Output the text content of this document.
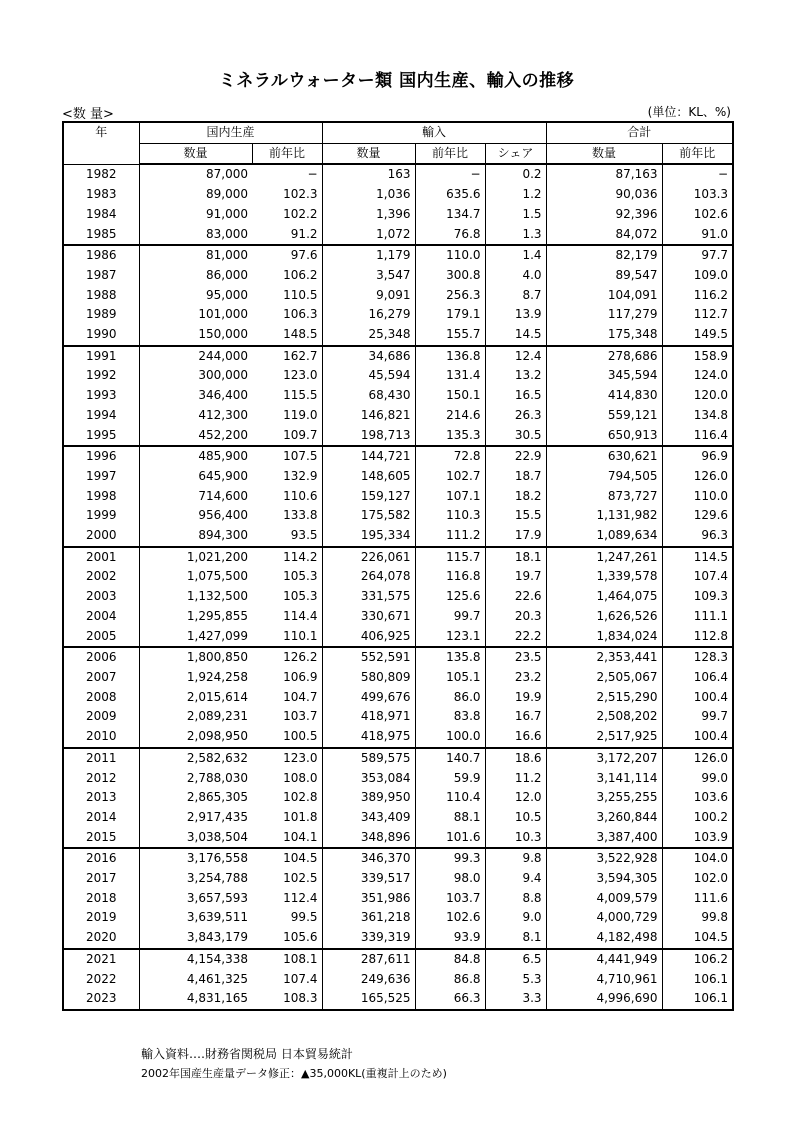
ミネラルウォーター類 国内生産、輸入の推移
<数 量>	(単位：KL、%)
年	国内生産		輸入			合計	
	数量	前年比	数量	前年比	シェア	数量	前年比
1982	87,000	−	163	−	0.2	87,163	−
1983	89,000	102.3	1,036	635.6	1.2	90,036	103.3
1984	91,000	102.2	1,396	134.7	1.5	92,396	102.6
1985	83,000	91.2	1,072	76.8	1.3	84,072	91.0
1986	81,000	97.6	1,179	110.0	1.4	82,179	97.7
1987	86,000	106.2	3,547	300.8	4.0	89,547	109.0
1988	95,000	110.5	9,091	256.3	8.7	104,091	116.2
1989	101,000	106.3	16,279	179.1	13.9	117,279	112.7
1990	150,000	148.5	25,348	155.7	14.5	175,348	149.5
1991	244,000	162.7	34,686	136.8	12.4	278,686	158.9
1992	300,000	123.0	45,594	131.4	13.2	345,594	124.0
1993	346,400	115.5	68,430	150.1	16.5	414,830	120.0
1994	412,300	119.0	146,821	214.6	26.3	559,121	134.8
1995	452,200	109.7	198,713	135.3	30.5	650,913	116.4
1996	485,900	107.5	144,721	72.8	22.9	630,621	96.9
1997	645,900	132.9	148,605	102.7	18.7	794,505	126.0
1998	714,600	110.6	159,127	107.1	18.2	873,727	110.0
1999	956,400	133.8	175,582	110.3	15.5	1,131,982	129.6
2000	894,300	93.5	195,334	111.2	17.9	1,089,634	96.3
2001	1,021,200	114.2	226,061	115.7	18.1	1,247,261	114.5
2002	1,075,500	105.3	264,078	116.8	19.7	1,339,578	107.4
2003	1,132,500	105.3	331,575	125.6	22.6	1,464,075	109.3
2004	1,295,855	114.4	330,671	99.7	20.3	1,626,526	111.1
2005	1,427,099	110.1	406,925	123.1	22.2	1,834,024	112.8
2006	1,800,850	126.2	552,591	135.8	23.5	2,353,441	128.3
2007	1,924,258	106.9	580,809	105.1	23.2	2,505,067	106.4
2008	2,015,614	104.7	499,676	86.0	19.9	2,515,290	100.4
2009	2,089,231	103.7	418,971	83.8	16.7	2,508,202	99.7
2010	2,098,950	100.5	418,975	100.0	16.6	2,517,925	100.4
2011	2,582,632	123.0	589,575	140.7	18.6	3,172,207	126.0
2012	2,788,030	108.0	353,084	59.9	11.2	3,141,114	99.0
2013	2,865,305	102.8	389,950	110.4	12.0	3,255,255	103.6
2014	2,917,435	101.8	343,409	88.1	10.5	3,260,844	100.2
2015	3,038,504	104.1	348,896	101.6	10.3	3,387,400	103.9
2016	3,176,558	104.5	346,370	99.3	9.8	3,522,928	104.0
2017	3,254,788	102.5	339,517	98.0	9.4	3,594,305	102.0
2018	3,657,593	112.4	351,986	103.7	8.8	4,009,579	111.6
2019	3,639,511	99.5	361,218	102.6	9.0	4,000,729	99.8
2020	3,843,179	105.6	339,319	93.9	8.1	4,182,498	104.5
2021	4,154,338	108.1	287,611	84.8	6.5	4,441,949	106.2
2022	4,461,325	107.4	249,636	86.8	5.3	4,710,961	106.1
2023	4,831,165	108.3	165,525	66.3	3.3	4,996,690	106.1
輸入資料‥‥財務省関税局 日本貿易統計
2002年国産生産量データ修正：▲35,000KL(重複計上のため)
